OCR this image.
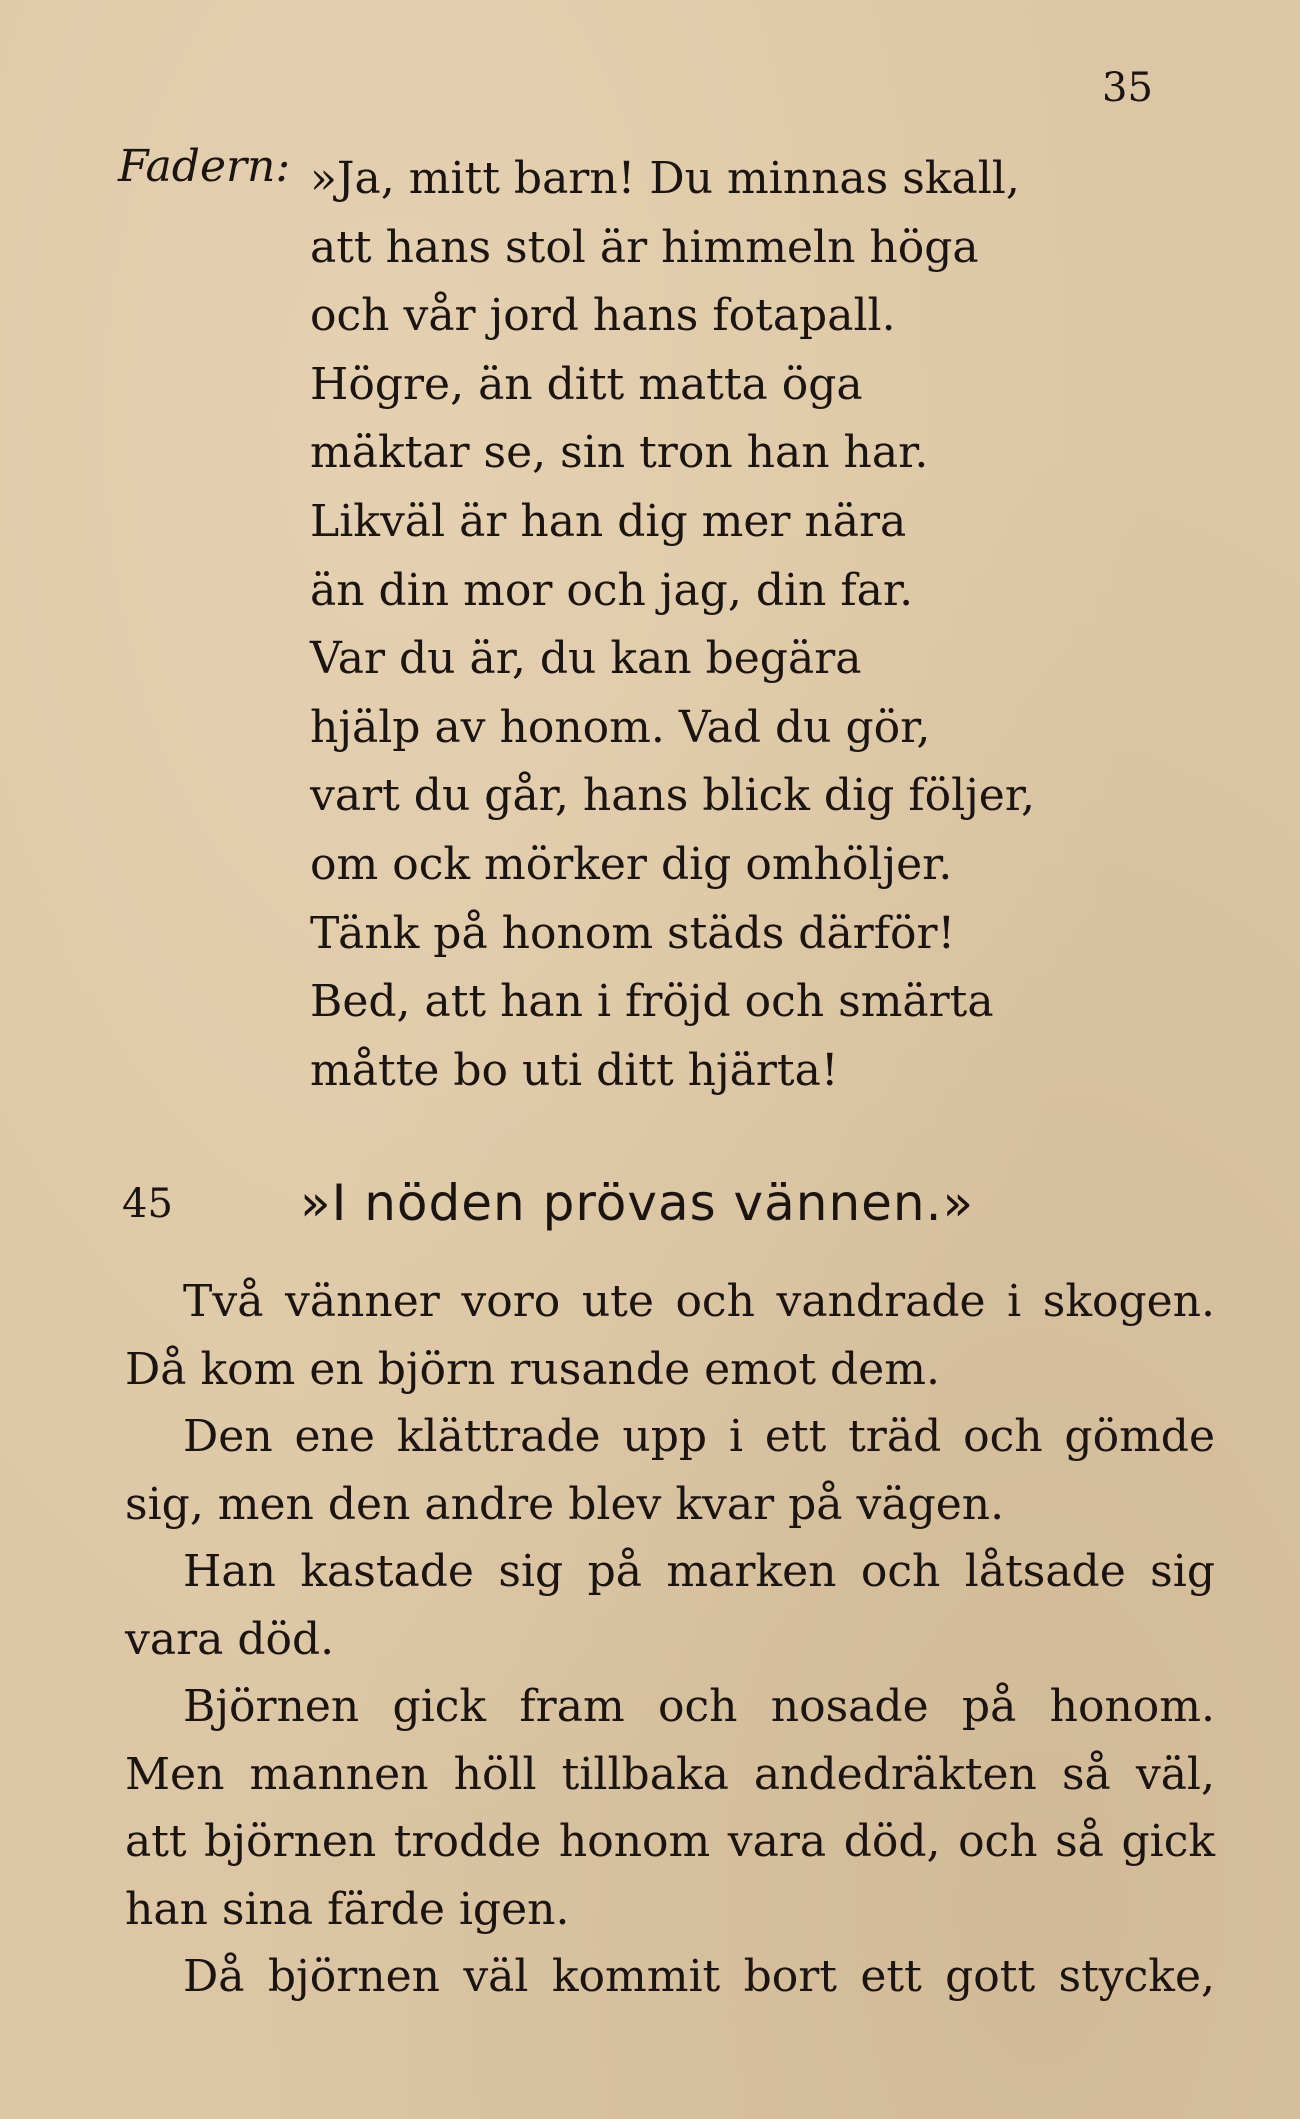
35
Fadern: »Ja, mitt barn! Du minnas skall,
att hans stol är himmeln höga
och vår jord hans fotapall.
Högre, än ditt matta öga
mäktar se, sin tron han har.
Likväl är han dig mer nära
än din mor och jag, din far.
Var du är, du kan begära
hjälp av honom. Vad du gör,
vart du går, hans blick dig följer,
om ock mörker dig omhöljer.
Tänk på honom städs därför!
Bed, att han i fröjd och smärta
måtte bo uti ditt hjärta!
45	»I nöden prövas vännen.»
Två vänner voro ute och vandrade i skogen.
Då kom en björn rusande emot dem.
Den ene klättrade upp i ett träd och gömde
sig, men den andre blev kvar på vägen.
Han kastade sig på marken och låtsade sig
vara död.
Björnen gick fram och nosade på honom.
Men mannen höll tillbaka andedräkten så väl,
att björnen trodde honom vara död, och så gick
han sina färde igen.
Då björnen väl kommit bort ett gott stycke,
